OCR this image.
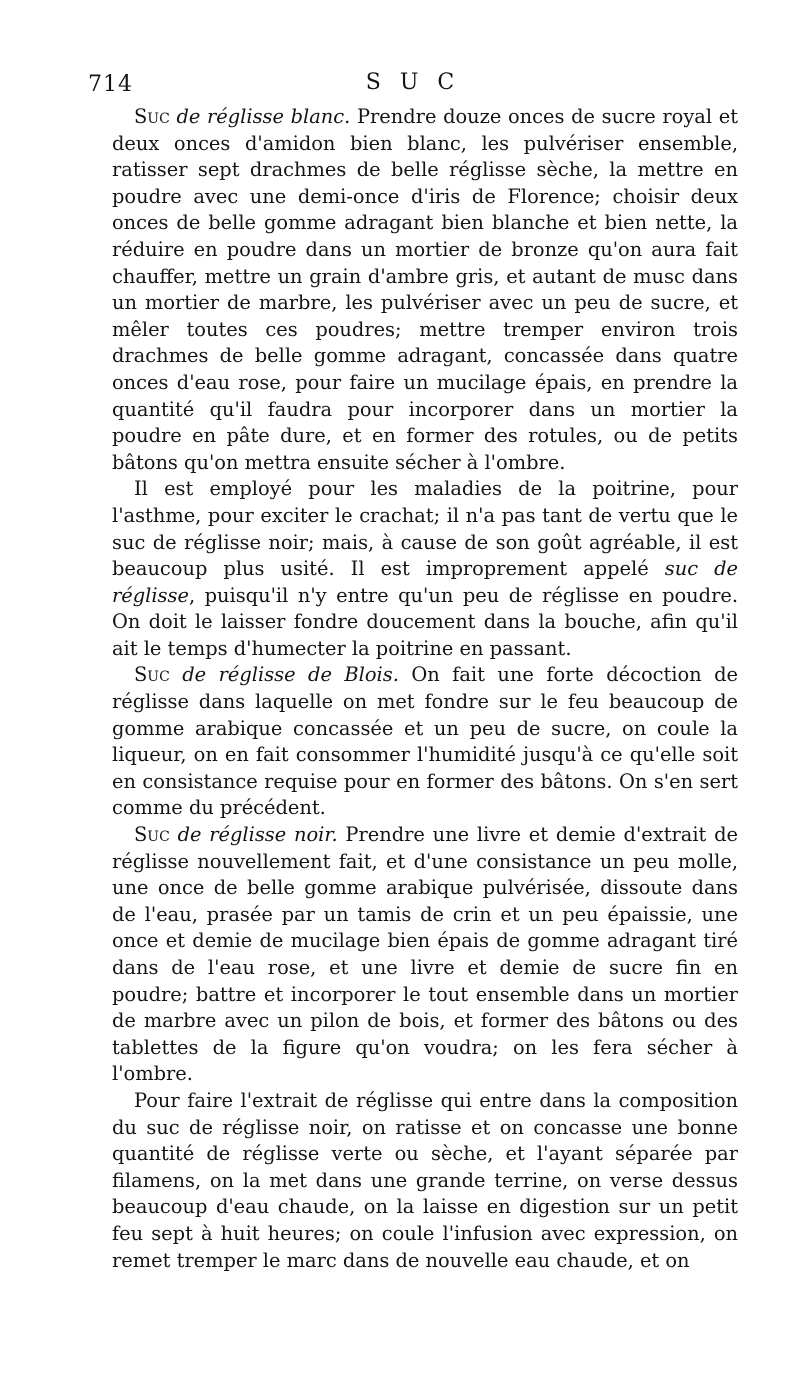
714	S U C

Suc de réglisse blanc. Prendre douze onces de sucre royal et deux onces d'amidon bien blanc, les pulvériser ensemble, ratisser sept drachmes de belle réglisse sèche, la mettre en poudre avec une demi-once d'iris de Florence; choisir deux onces de belle gomme adragant bien blanche et bien nette, la réduire en poudre dans un mortier de bronze qu'on aura fait chauffer, mettre un grain d'ambre gris, et autant de musc dans un mortier de marbre, les pulvériser avec un peu de sucre, et mêler toutes ces poudres; mettre tremper environ trois drachmes de belle gomme adragant, concassée dans quatre onces d'eau rose, pour faire un mucilage épais, en prendre la quantité qu'il faudra pour incorporer dans un mortier la poudre en pâte dure, et en former des rotules, ou de petits bâtons qu'on mettra ensuite sécher à l'ombre.

Il est employé pour les maladies de la poitrine, pour l'asthme, pour exciter le crachat; il n'a pas tant de vertu que le suc de réglisse noir; mais, à cause de son goût agréable, il est beaucoup plus usité. Il est improprement appelé suc de réglisse, puisqu'il n'y entre qu'un peu de réglisse en poudre. On doit le laisser fondre doucement dans la bouche, afin qu'il ait le temps d'humecter la poitrine en passant.

Suc de réglisse de Blois. On fait une forte décoction de réglisse dans laquelle on met fondre sur le feu beaucoup de gomme arabique concassée et un peu de sucre, on coule la liqueur, on en fait consommer l'humidité jusqu'à ce qu'elle soit en consistance requise pour en former des bâtons. On s'en sert comme du précédent.

Suc de réglisse noir. Prendre une livre et demie d'extrait de réglisse nouvellement fait, et d'une consistance un peu molle, une once de belle gomme arabique pulvérisée, dissoute dans de l'eau, prasée par un tamis de crin et un peu épaissie, une once et demie de mucilage bien épais de gomme adragant tiré dans de l'eau rose, et une livre et demie de sucre fin en poudre; battre et incorporer le tout ensemble dans un mortier de marbre avec un pilon de bois, et former des bâtons ou des tablettes de la figure qu'on voudra; on les fera sécher à l'ombre.

Pour faire l'extrait de réglisse qui entre dans la composition du suc de réglisse noir, on ratisse et on concasse une bonne quantité de réglisse verte ou sèche, et l'ayant séparée par filamens, on la met dans une grande terrine, on verse dessus beaucoup d'eau chaude, on la laisse en digestion sur un petit feu sept à huit heures; on coule l'infusion avec expression, on remet tremper le marc dans de nouvelle eau chaude, et on
